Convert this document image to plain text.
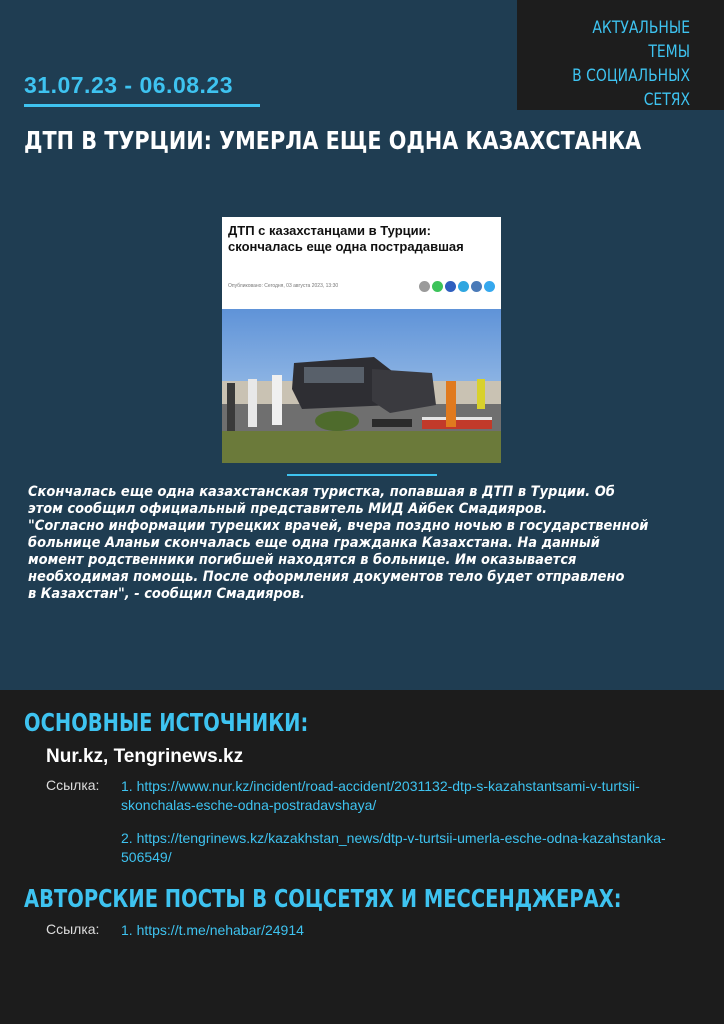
АКТУАЛЬНЫЕ ТЕМЫ
В СОЦИАЛЬНЫХ
СЕТЯХ
31.07.23 - 06.08.23
ДТП В ТУРЦИИ: УМЕРЛА ЕЩЕ ОДНА КАЗАХСТАНКА
ДТП с казахстанцами в Турции: скончалась еще одна пострадавшая
Опубликовано: Сегодня, 03 августа 2023, 13:30

Скончалась еще одна казахстанская туристка, попавшая в ДТП в Турции. Об

этом сообщил официальный представитель МИД Айбек Смадияров.

"Согласно информации турецких врачей, вчера поздно ночью в государственной

больнице Аланьи скончалась еще одна гражданка Казахстана. На данный

момент родственники погибшей находятся в больнице. Им оказывается

необходимая помощь. После оформления документов тело будет отправлено

в Казахстан", - сообщил Смадияров.

ОСНОВНЫЕ ИСТОЧНИКИ:
Nur.kz, Tengrinews.kz
Ссылка: 1. https://www.nur.kz/incident/road-accident/2031132-dtp-s-kazahstantsami-v-turtsii-skonchalas-esche-odna-postradavshaya/
2. https://tengrinews.kz/kazakhstan_news/dtp-v-turtsii-umerla-esche-odna-kazahstanka-506549/
АВТОРСКИЕ ПОСТЫ В СОЦСЕТЯХ И МЕССЕНДЖЕРАХ:
Ссылка: 1. https://t.me/nehabar/24914
